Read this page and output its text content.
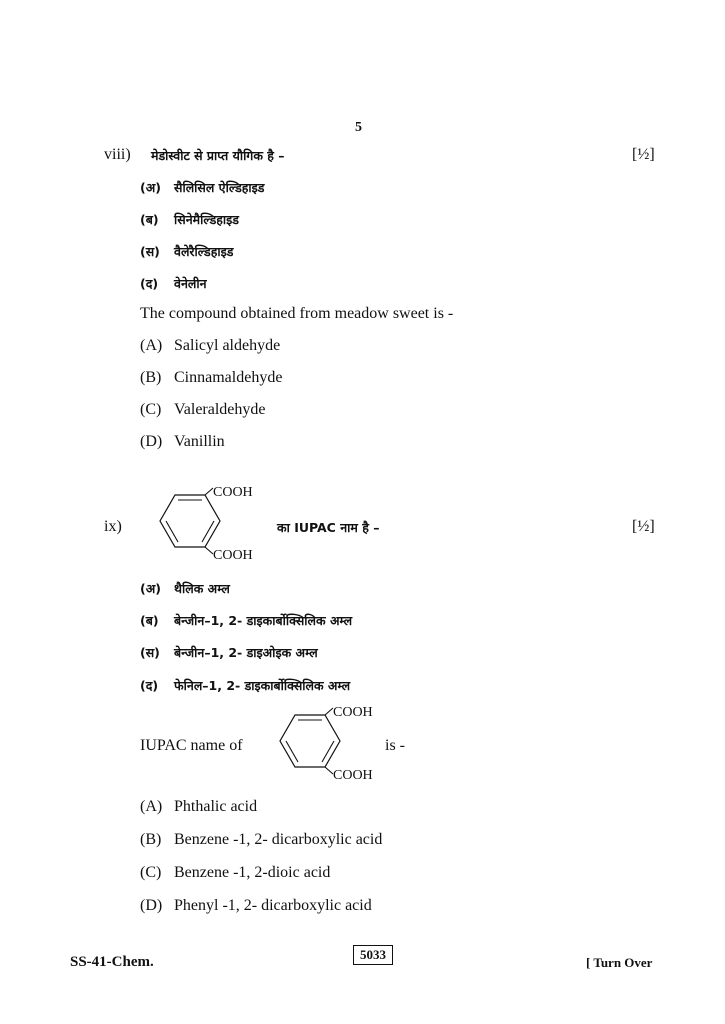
5
viii) मेडोस्वीट से प्राप्त यौगिक है –	[½]
(अ) सैलिसिल ऐल्डिहाइड
(ब) सिनेमैल्डिहाइड
(स) वैलेरैल्डिहाइड
(द) वेनेलीन
The compound obtained from meadow sweet is -
(A) Salicyl aldehyde
(B) Cinnamaldehyde
(C) Valeraldehyde
(D) Vanillin
ix)
COOH
COOH
का IUPAC नाम है –	[½]
(अ) थैलिक अम्ल
(ब) बेन्जीन–1, 2- डाइकार्बोक्सिलिक अम्ल
(स) बेन्जीन–1, 2- डाइओइक अम्ल
(द) फेनिल–1, 2- डाइकार्बोक्सिलिक अम्ल
IUPAC name of
COOH
COOH
is -
(A) Phthalic acid
(B) Benzene -1, 2- dicarboxylic acid
(C) Benzene -1, 2-dioic acid
(D) Phenyl -1, 2- dicarboxylic acid
SS-41-Chem.	5033
[ Turn Over
